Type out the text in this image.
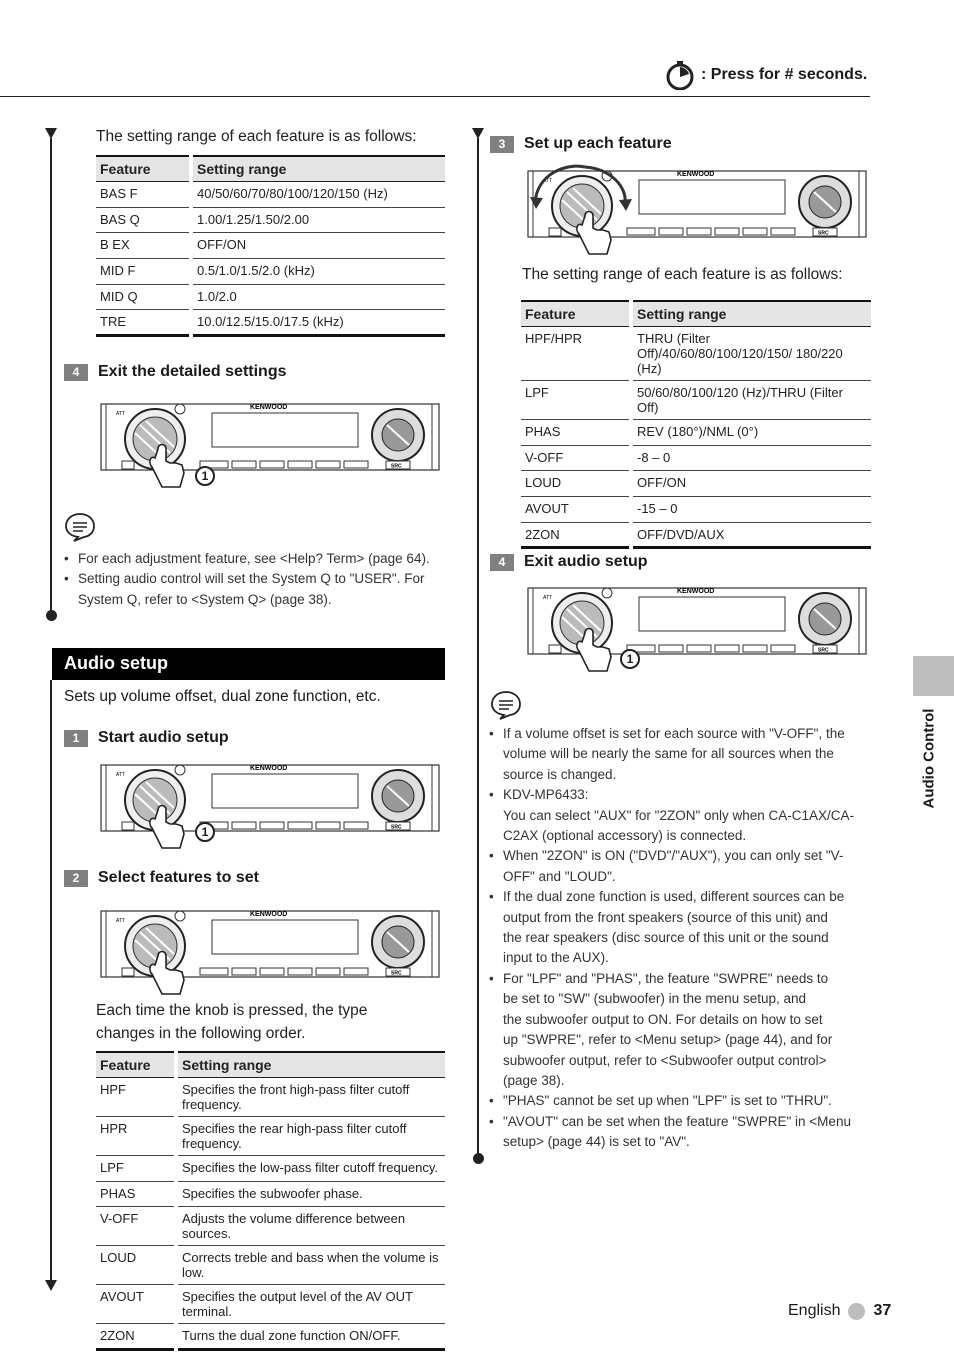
: Press for # seconds.
The setting range of each feature is as follows:
Feature	Setting range
BAS F	40/50/60/70/80/100/120/150 (Hz)
BAS Q	1.00/1.25/1.50/2.00
B EX	OFF/ON
MID F	0.5/1.0/1.5/2.0 (kHz)
MID Q	1.0/2.0
TRE	10.0/12.5/15.0/17.5 (kHz)
4	Exit the detailed settings
ATT
KENWOOD
SRC
1
• For each adjustment feature, see <Help? Term> (page 64).
• Setting audio control will set the System Q to "USER". For
System Q, refer to <System Q> (page 38).
Audio setup
Sets up volume offset, dual zone function, etc.
1	Start audio setup
ATT
KENWOOD
SRC
1
2	Select features to set
ATT
KENWOOD
SRC
Each time the knob is pressed, the type
changes in the following order.
Feature	Setting range
HPF	Specifies the front high-pass filter cutoff frequency.
HPR	Specifies the rear high-pass filter cutoff frequency.
LPF	Specifies the low-pass filter cutoff frequency.
PHAS	Specifies the subwoofer phase.
V-OFF	Adjusts the volume difference between sources.
LOUD	Corrects treble and bass when the volume is low.
AVOUT	Specifies the output level of the AV OUT terminal.
2ZON	Turns the dual zone function ON/OFF.
3	Set up each feature
ATT
KENWOOD
SRC
The setting range of each feature is as follows:
Feature	Setting range
HPF/HPR	THRU (Filter Off)/40/60/80/100/120/150/ 180/220 (Hz)
LPF	50/60/80/100/120 (Hz)/THRU (Filter Off)
PHAS	REV (180°)/NML (0°)
V-OFF	-8 – 0
LOUD	OFF/ON
AVOUT	-15 – 0
2ZON	OFF/DVD/AUX
4	Exit audio setup
ATT
KENWOOD
SRC
1
• If a volume offset is set for each source with "V-OFF", the
volume will be nearly the same for all sources when the
source is changed.
• KDV-MP6433:
You can select "AUX" for "2ZON" only when CA-C1AX/CA-
C2AX (optional accessory) is connected.
• When "2ZON" is ON ("DVD"/"AUX"), you can only set "V-
OFF" and "LOUD".
• If the dual zone function is used, different sources can be
output from the front speakers (source of this unit) and
the rear speakers (disc source of this unit or the sound
input to the AUX).
• For "LPF" and "PHAS", the feature "SWPRE" needs to
be set to "SW" (subwoofer) in the menu setup, and
the subwoofer output to ON. For details on how to set
up "SWPRE", refer to <Menu setup> (page 44), and for
subwoofer output, refer to <Subwoofer output control>
(page 38).
• "PHAS" cannot be set up when "LPF" is set to "THRU".
• "AVOUT" can be set when the feature "SWPRE" in <Menu
setup> (page 44) is set to "AV".
Audio Control
English 37
